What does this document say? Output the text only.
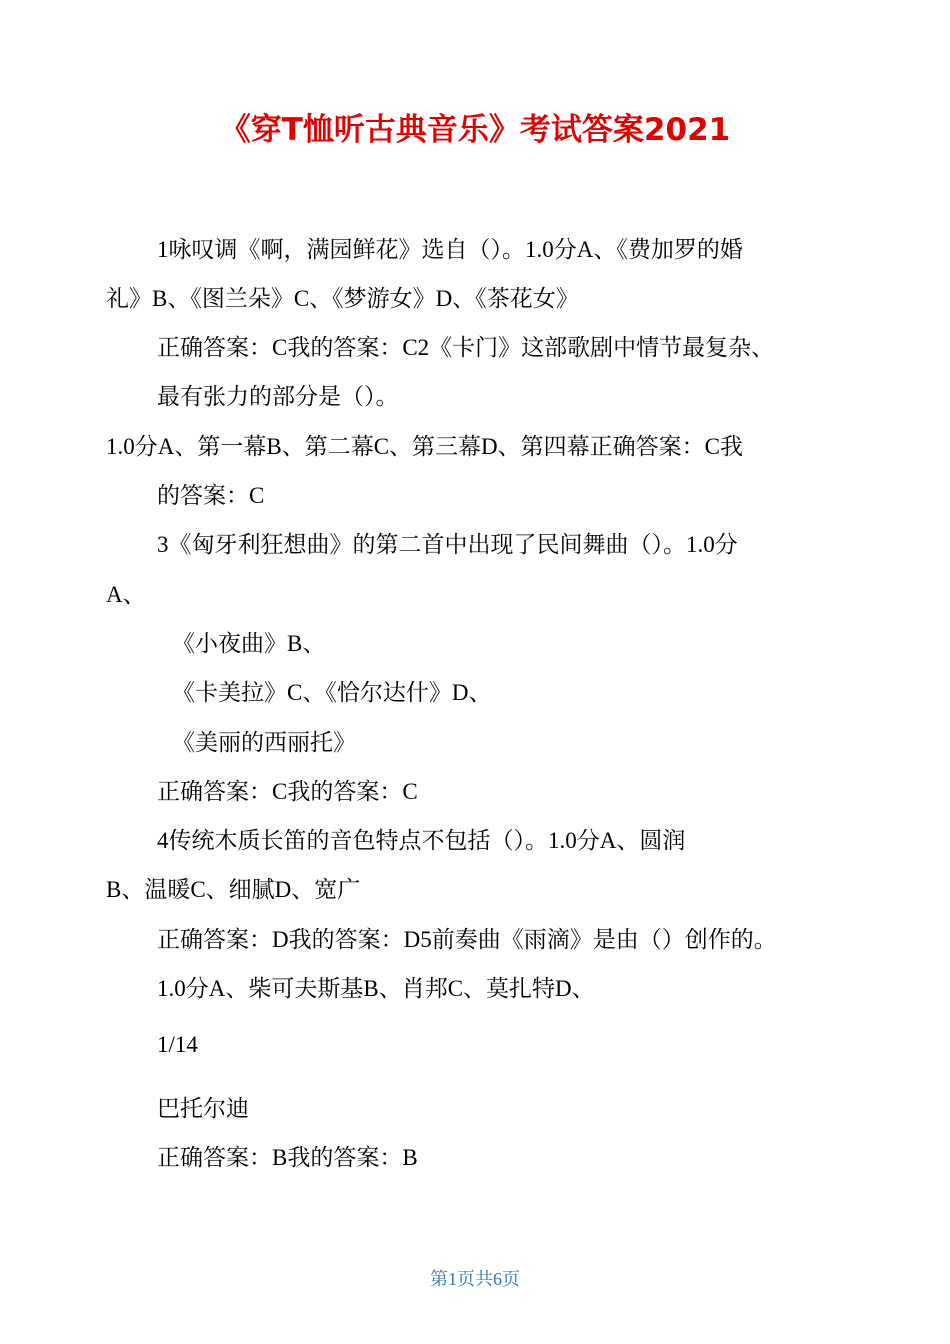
《穿T恤听古典音乐》考试答案2021
1咏叹调《啊，满园鲜花》选自（）。1.0分A、《费加罗的婚
礼》B、《图兰朵》C、《梦游女》D、《茶花女》
正确答案：C我的答案：C2《卡门》这部歌剧中情节最复杂、
最有张力的部分是（）。
1.0分A、第一幕B、第二幕C、第三幕D、第四幕正确答案：C我
的答案：C
3《匈牙利狂想曲》的第二首中出现了民间舞曲（）。1.0分
A、
《小夜曲》B、
《卡美拉》C、《恰尔达什》D、
《美丽的西丽托》
正确答案：C我的答案：C
4传统木质长笛的音色特点不包括（）。1.0分A、圆润
B、温暖C、细腻D、宽广
正确答案：D我的答案：D5前奏曲《雨滴》是由（）创作的。
1.0分A、柴可夫斯基B、肖邦C、莫扎特D、
1/14
巴托尔迪
正确答案：B我的答案：B
第1页共6页
